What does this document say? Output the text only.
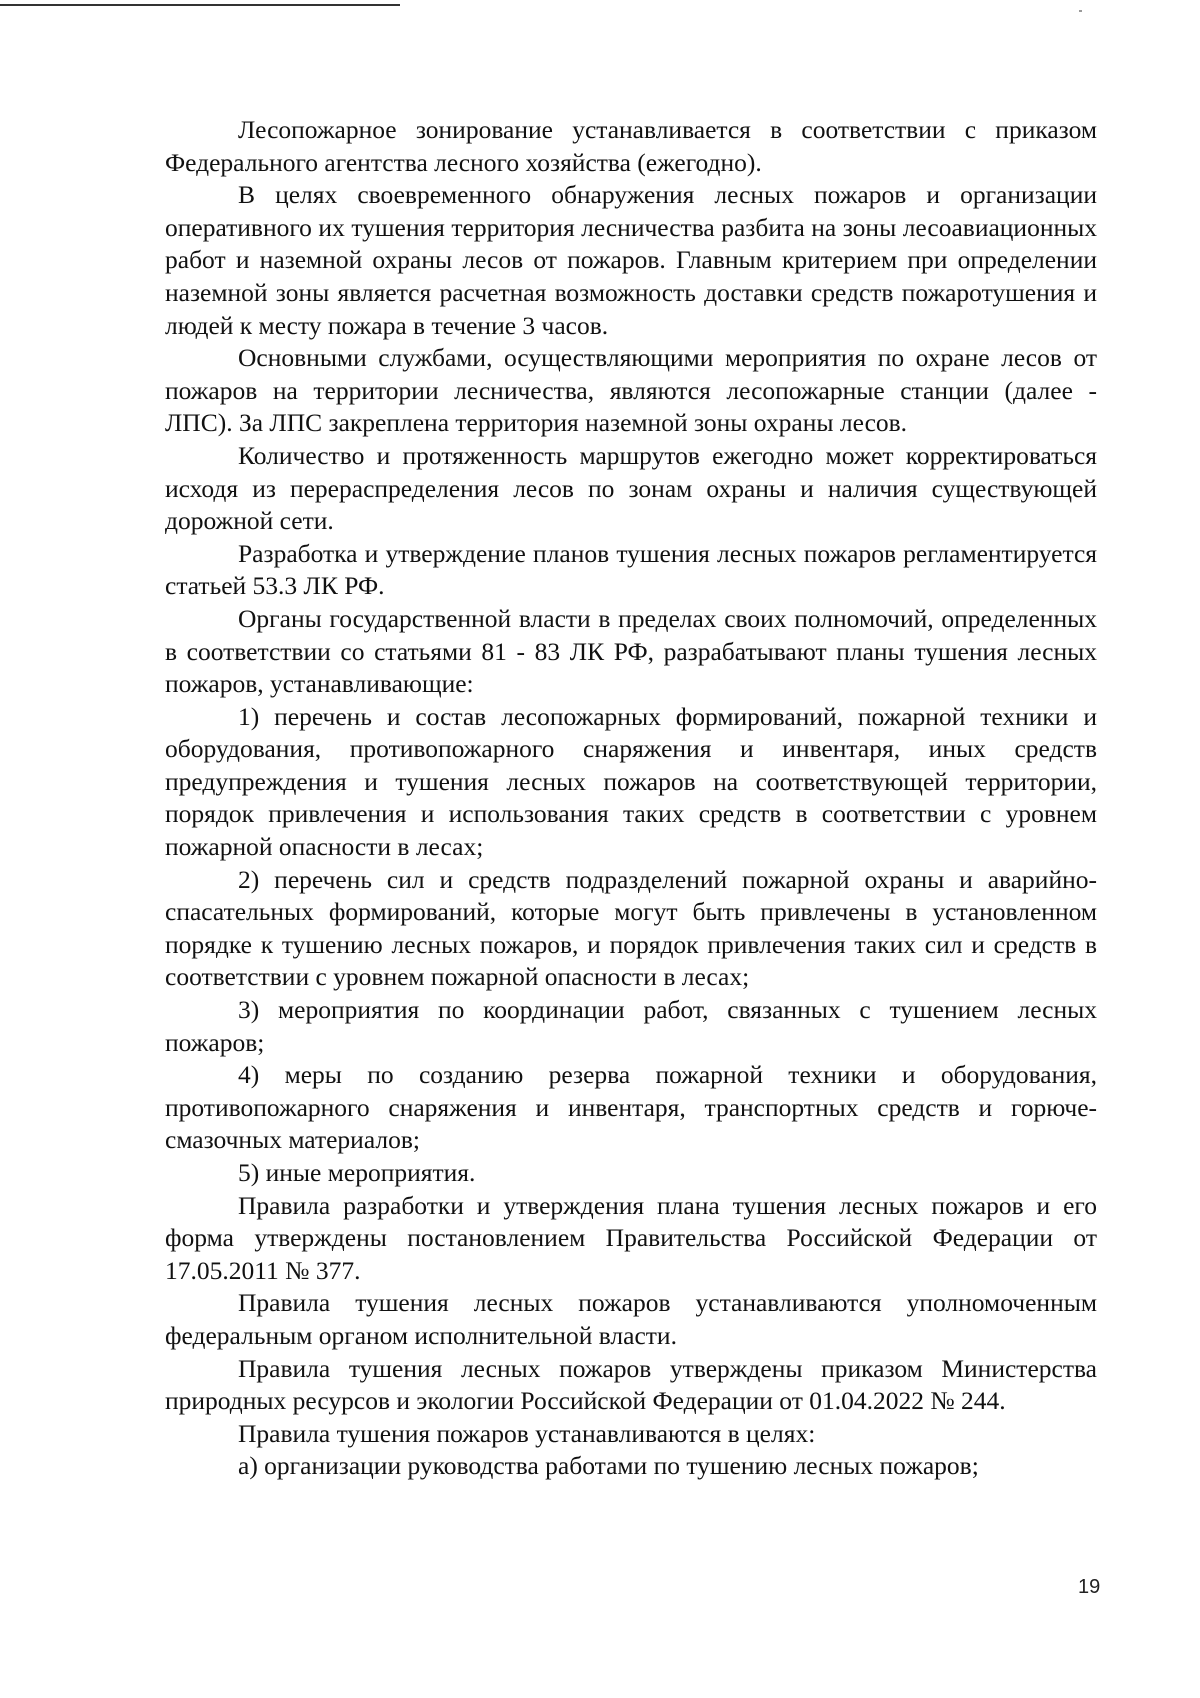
Лесопожарное зонирование устанавливается в соответствии с приказом Федерального агентства лесного хозяйства (ежегодно).

В целях своевременного обнаружения лесных пожаров и организации оперативного их тушения территория лесничества разбита на зоны лесоавиационных работ и наземной охраны лесов от пожаров. Главным критерием при определении наземной зоны является расчетная возможность доставки средств пожаротушения и людей к месту пожара в течение 3 часов.

Основными службами, осуществляющими мероприятия по охране лесов от пожаров на территории лесничества, являются лесопожарные станции (далее - ЛПС). За ЛПС закреплена территория наземной зоны охраны лесов.

Количество и протяженность маршрутов ежегодно может корректироваться исходя из перераспределения лесов по зонам охраны и наличия существующей дорожной сети.

Разработка и утверждение планов тушения лесных пожаров регламентируется статьей 53.3 ЛК РФ.

Органы государственной власти в пределах своих полномочий, определенных в соответствии со статьями 81 - 83 ЛК РФ, разрабатывают планы тушения лесных пожаров, устанавливающие:

1) перечень и состав лесопожарных формирований, пожарной техники и оборудования, противопожарного снаряжения и инвентаря, иных средств предупреждения и тушения лесных пожаров на соответствующей территории, порядок привлечения и использования таких средств в соответствии с уровнем пожарной опасности в лесах;

2) перечень сил и средств подразделений пожарной охраны и аварийно-спасательных формирований, которые могут быть привлечены в установленном порядке к тушению лесных пожаров, и порядок привлечения таких сил и средств в соответствии с уровнем пожарной опасности в лесах;

3) мероприятия по координации работ, связанных с тушением лесных пожаров;

4) меры по созданию резерва пожарной техники и оборудования, противопожарного снаряжения и инвентаря, транспортных средств и горюче-смазочных материалов;

5) иные мероприятия.

Правила разработки и утверждения плана тушения лесных пожаров и его форма утверждены постановлением Правительства Российской Федерации от 17.05.2011 № 377.

Правила тушения лесных пожаров устанавливаются уполномоченным федеральным органом исполнительной власти.

Правила тушения лесных пожаров утверждены приказом Министерства природных ресурсов и экологии Российской Федерации от 01.04.2022 № 244.

Правила тушения пожаров устанавливаются в целях:

а) организации руководства работами по тушению лесных пожаров;

19
